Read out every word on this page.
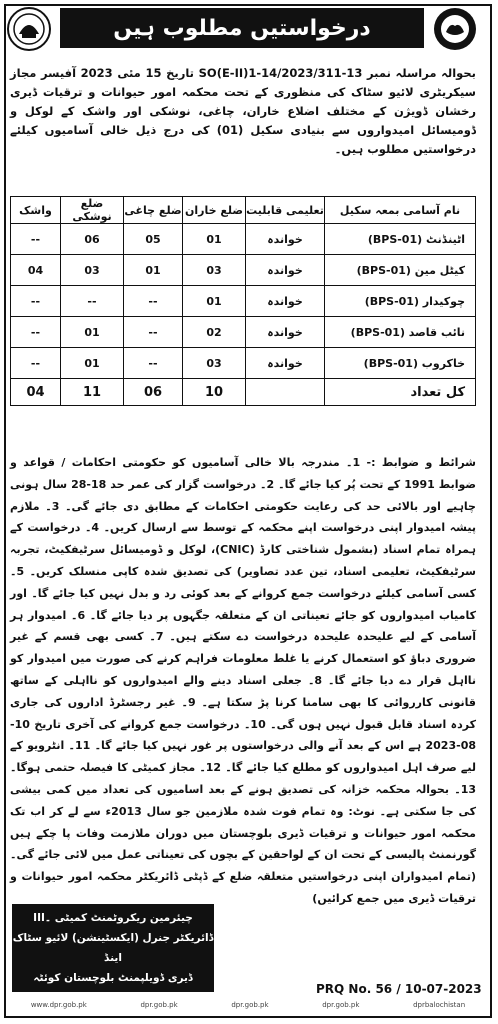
درخواستیں مطلوب ہیں
بحوالہ مراسلہ نمبر SO(E-II)1-14/2023/311-13 تاریخ 15 مئی 2023 آفیسر مجاز سیکریٹری لائیو سٹاک کی منظوری کے تحت محکمہ امور حیوانات و ترقیات ڈیری رخشان ڈویژن کے مختلف اضلاع خاران، چاغی، نوشکی اور واشک کے لوکل و ڈومیسائل امیدواروں سے بنیادی سکیل (01) کی درج ذیل خالی آسامیوں کیلئے درخواستیں مطلوب ہیں۔
نام آسامی بمعہ سکیل	تعلیمی قابلیت	ضلع خاران	ضلع چاغی	ضلع نوشکی	واشک
اٹینڈنٹ (BPS-01)	خواندہ	01	05	06	--
کیٹل مین (BPS-01)	خواندہ	03	01	03	04
چوکیدار (BPS-01)	خواندہ	01	--	--	--
نائب قاصد (BPS-01)	خواندہ	02	--	01	--
خاکروب (BPS-01)	خواندہ	03	--	01	--
کل تعداد		10	06	11	04
شرائط و ضوابط :- 1۔ مندرجہ بالا خالی آسامیوں کو حکومتی احکامات / قواعد و ضوابط 1991 کے تحت پُر کیا جائے گا۔ 2۔ درخواست گزار کی عمر حد 18-28 سال ہونی چاہیے اور بالائی حد کی رعایت حکومتی احکامات کے مطابق دی جائے گی۔ 3۔ ملازم پیشہ امیدوار اپنی درخواست اپنے محکمہ کے توسط سے ارسال کریں۔ 4۔ درخواست کے ہمراہ تمام اسناد (بشمول شناختی کارڈ (CNIC)، لوکل و ڈومیسائل سرٹیفکیٹ، تجربہ سرٹیفکیٹ، تعلیمی اسناد، تین عدد تصاویر) کی تصدیق شدہ کاپی منسلک کریں۔ 5۔ کسی آسامی کیلئے درخواست جمع کروانے کے بعد کوئی رد و بدل نہیں کیا جائے گا۔ اور کامیاب امیدواروں کو جائے تعیناتی ان کے متعلقہ جگہوں پر دیا جائے گا۔ 6۔ امیدوار ہر آسامی کے لیے علیحدہ علیحدہ درخواست دے سکتے ہیں۔ 7۔ کسی بھی قسم کے غیر ضروری دباؤ کو استعمال کرنے یا غلط معلومات فراہم کرنے کی صورت میں امیدوار کو نااہل قرار دے دیا جائے گا۔ 8۔ جعلی اسناد دینے والے امیدواروں کو نااہلی کے ساتھ قانونی کارروائی کا بھی سامنا کرنا پڑ سکتا ہے۔ 9۔ غیر رجسٹرڈ اداروں کی جاری کردہ اسناد قابل قبول نہیں ہوں گی۔ 10۔ درخواست جمع کروانے کی آخری تاریخ 10-08-2023 ہے اس کے بعد آنے والی درخواستوں پر غور نہیں کیا جائے گا۔ 11۔ انٹرویو کے لیے صرف اہل امیدواروں کو مطلع کیا جائے گا۔ 12۔ مجاز کمیٹی کا فیصلہ حتمی ہوگا۔ 13۔ بحوالہ محکمہ خزانہ کی تصدیق ہونے کے بعد اسامیوں کی تعداد میں کمی بیشی کی جا سکتی ہے۔ نوٹ: وہ تمام فوت شدہ ملازمین جو سال 2013ء سے لے کر اب تک محکمہ امور حیوانات و ترقیات ڈیری بلوچستان میں دوران ملازمت وفات پا چکے ہیں گورنمنٹ پالیسی کے تحت ان کے لواحقین کے بچوں کی تعیناتی عمل میں لائی جائے گی۔ (تمام امیدواران اپنی درخواستیں متعلقہ ضلع کے ڈپٹی ڈائریکٹر محکمہ امور حیوانات و ترقیات ڈیری میں جمع کرائیں)
چیئرمین ریکروٹمنٹ کمیٹی ۔III
ڈائریکٹر جنرل (ایکسٹینشن) لائیو سٹاک اینڈ
ڈیری ڈویلپمنٹ بلوچستان کوئٹہ
PRQ No. 56 / 10-07-2023
www.dpr.gob.pk	dpr.gob.pk	dpr.gob.pk	dpr.gob.pk	dprbalochistan
